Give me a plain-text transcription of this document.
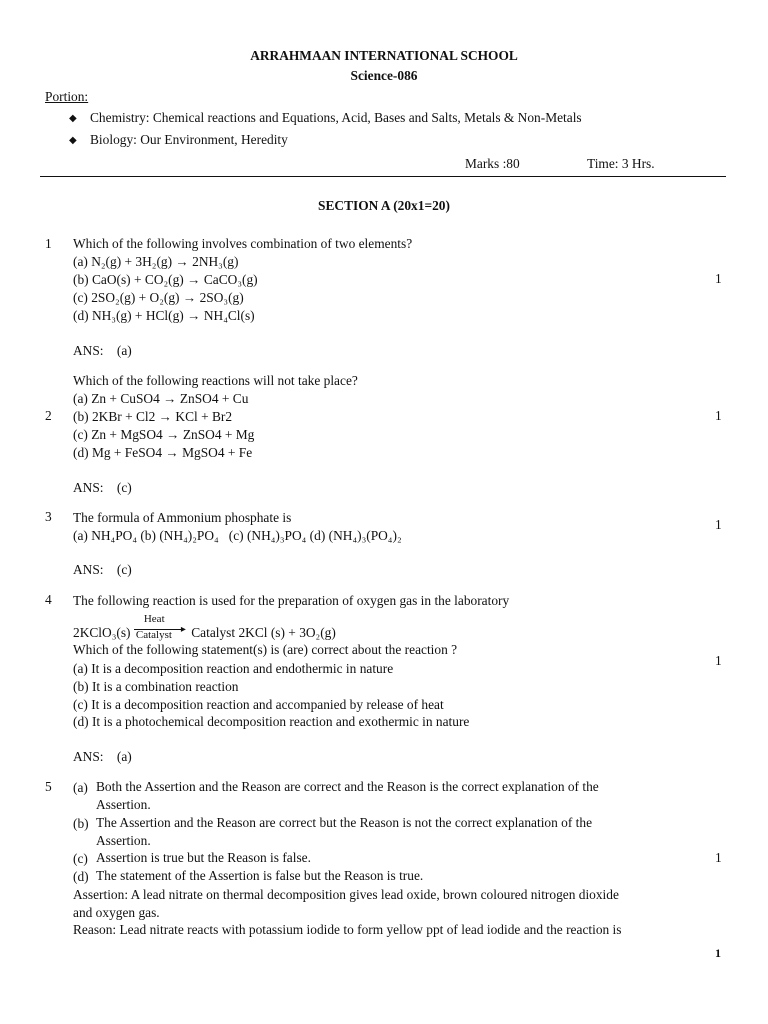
ARRAHMAAN INTERNATIONAL SCHOOL
Science-086
Portion:
◆ Chemistry: Chemical reactions and Equations, Acid, Bases and Salts, Metals & Non-Metals
◆ Biology: Our Environment, Heredity
Marks :80	Time: 3 Hrs.
SECTION A (20x1=20)
1 Which of the following involves combination of two elements?
(a) N₂(g) + 3H₂(g) → 2NH₃(g)
(b) CaO(s) + CO₂(g) → CaCO₃(g)
(c) 2SO₂(g) + O₂(g) → 2SO₃(g)
(d) NH₃(g) + HCl(g) → NH₄Cl(s)
1
ANS:    (a)
Which of the following reactions will not take place?
(a) Zn + CuSO4 → ZnSO4 + Cu
2 (b) 2KBr + Cl2 → KCl + Br2
(c) Zn + MgSO4 → ZnSO4 + Mg
(d) Mg + FeSO4 → MgSO4 + Fe
1
ANS:    (c)
3 The formula of Ammonium phosphate is
(a) NH₄PO₄ (b) (NH₄)₂PO₄   (c) (NH₄)₃PO₄ (d) (NH₄)₃(PO₄)₂
1
ANS:    (c)
4 The following reaction is used for the preparation of oxygen gas in the laboratory
2KClO₃(s)
Heat
▸
Catalyst Catalyst 2KCl (s) + 3O₂(g)
Which of the following statement(s) is (are) correct about the reaction ?
(a) It is a decomposition reaction and endothermic in nature
(b) It is a combination reaction
(c) It is a decomposition reaction and accompanied by release of heat
(d) It is a photochemical decomposition reaction and exothermic in nature
1
ANS:    (a)
5 (a) Both the Assertion and the Reason are correct and the Reason is the correct explanation of the
Assertion.
(b) The Assertion and the Reason are correct but the Reason is not the correct explanation of the
Assertion.
(c) Assertion is true but the Reason is false.
(d) The statement of the Assertion is false but the Reason is true.
1
Assertion: A lead nitrate on thermal decomposition gives lead oxide, brown coloured nitrogen dioxide
and oxygen gas.
Reason: Lead nitrate reacts with potassium iodide to form yellow ppt of lead iodide and the reaction is
1
